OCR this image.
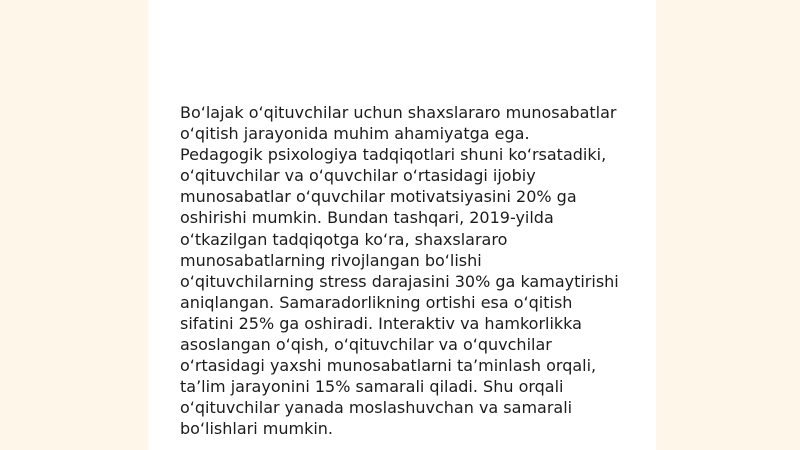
Bo‘lajak o‘qituvchilar uchun shaxslararo munosabatlar
o‘qitish jarayonida muhim ahamiyatga ega.
Pedagogik psixologiya tadqiqotlari shuni ko‘rsatadiki,
o‘qituvchilar va o‘quvchilar o‘rtasidagi ijobiy
munosabatlar o‘quvchilar motivatsiyasini 20% ga
oshirishi mumkin. Bundan tashqari, 2019-yilda
o‘tkazilgan tadqiqotga ko‘ra, shaxslararo
munosabatlarning rivojlangan bo‘lishi
o‘qituvchilarning stress darajasini 30% ga kamaytirishi
aniqlangan. Samaradorlikning ortishi esa o‘qitish
sifatini 25% ga oshiradi. Interaktiv va hamkorlikka
asoslangan o‘qish, o‘qituvchilar va o‘quvchilar
o‘rtasidagi yaxshi munosabatlarni ta’minlash orqali,
ta’lim jarayonini 15% samarali qiladi. Shu orqali
o‘qituvchilar yanada moslashuvchan va samarali
bo‘lishlari mumkin.
